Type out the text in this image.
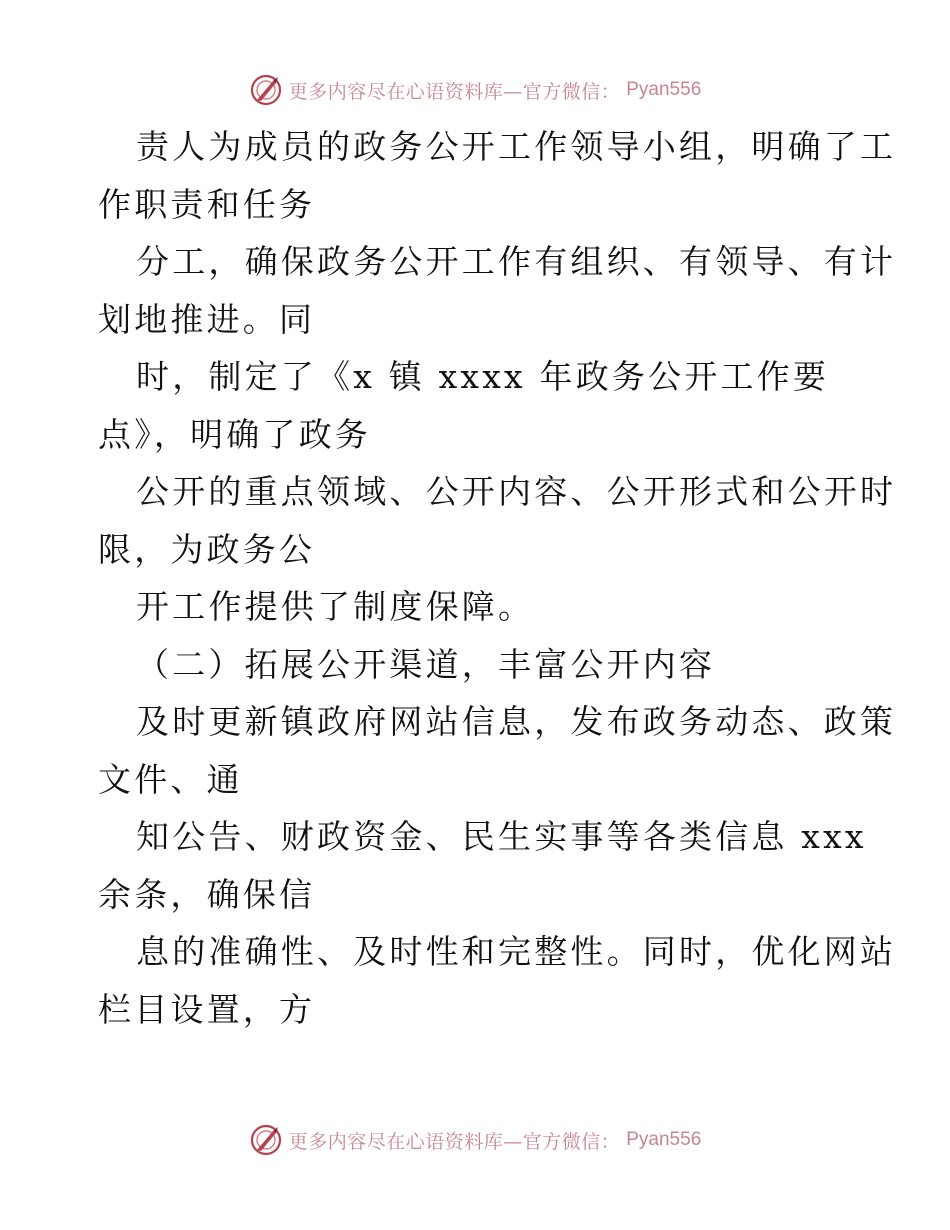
更多内容尽在心语资料库—官方微信： Pyan556
责人为成员的政务公开工作领导小组，明确了工
作职责和任务
分工，确保政务公开工作有组织、有领导、有计
划地推进。同
时，制定了《x 镇 xxxx 年政务公开工作要
点》，明确了政务
公开的重点领域、公开内容、公开形式和公开时
限，为政务公
开工作提供了制度保障。
（二）拓展公开渠道，丰富公开内容
及时更新镇政府网站信息，发布政务动态、政策
文件、通
知公告、财政资金、民生实事等各类信息 xxx
余条，确保信
息的准确性、及时性和完整性。同时，优化网站
栏目设置，方
更多内容尽在心语资料库—官方微信： Pyan556
